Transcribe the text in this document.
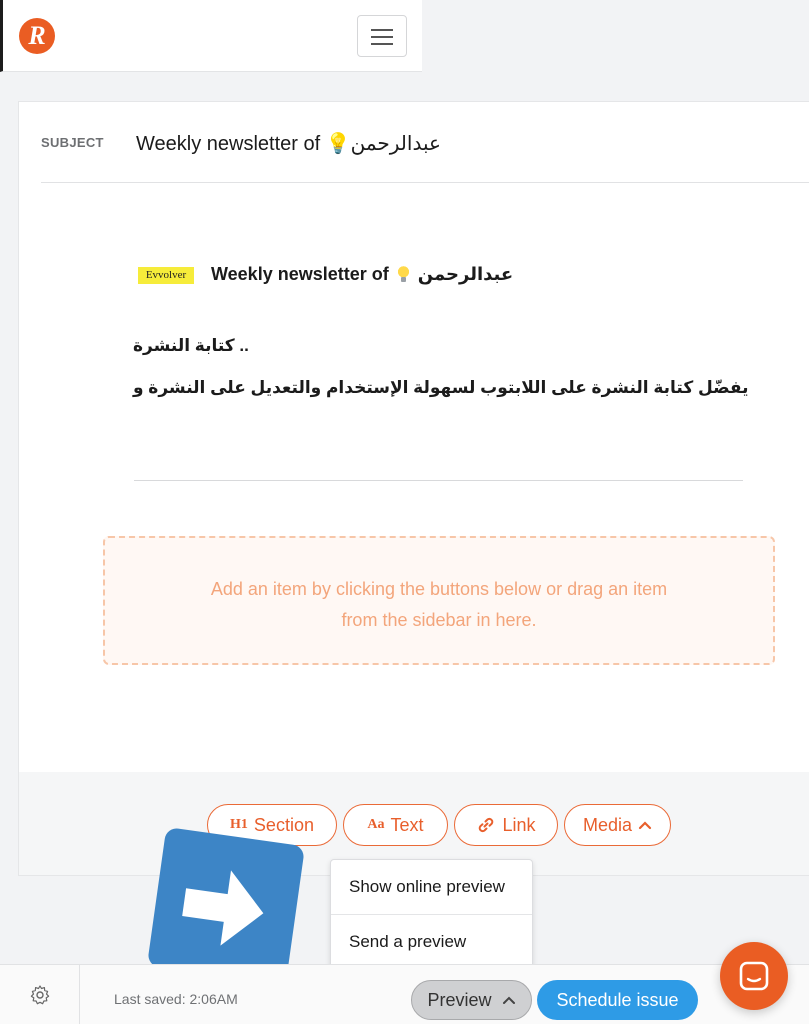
R
SUBJECT Weekly newsletter of 💡عبدالرحمن
Evvolver	Weekly newsletter of عبدالرحمن
.. كتابة النشرة
يفضّل كتابة النشرة على اللابتوب لسهولة الإستخدام والتعديل على النشرة و
Add an item by clicking the buttons below or drag an item
from the sidebar in here.
H1 Section	Aa Text	Link	Media
Show online preview
Send a preview
Last saved: 2:06AM	Preview	Schedule issue
